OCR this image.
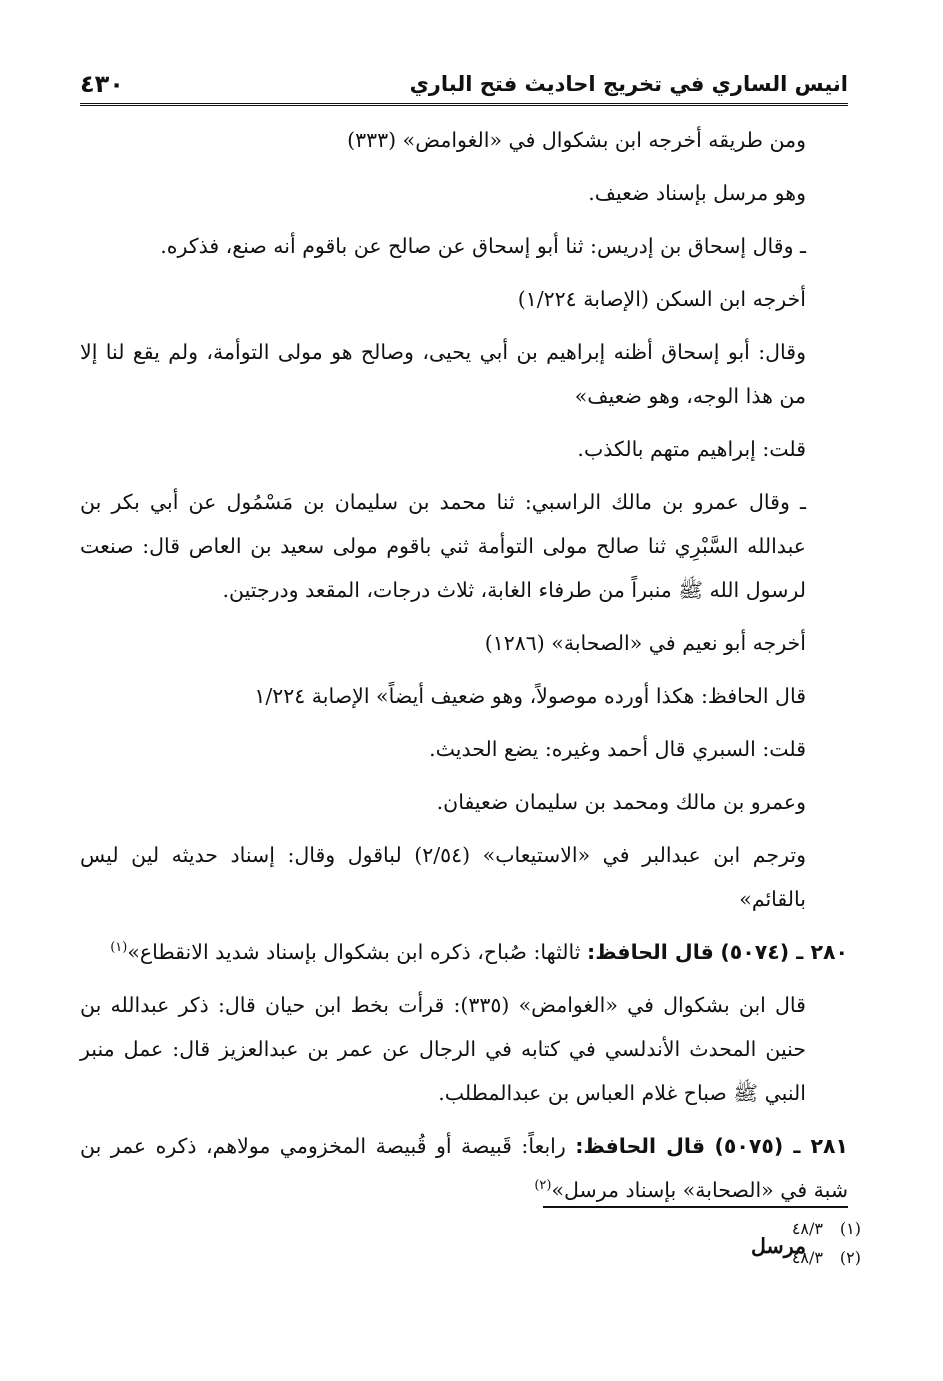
٤٣٠	انيس الساري في تخريج احاديث فتح الباري

ومن طريقه أخرجه ابن بشكوال في «الغوامض» (٣٣٣)

وهو مرسل بإسناد ضعيف.

ـ وقال إسحاق بن إدريس: ثنا أبو إسحاق عن صالح عن باقوم أنه صنع، فذكره.

أخرجه ابن السكن (الإصابة ١/٢٢٤)

وقال: أبو إسحاق أظنه إبراهيم بن أبي يحيى، وصالح هو مولى التوأمة، ولم يقع لنا إلا من هذا الوجه، وهو ضعيف»

قلت: إبراهيم متهم بالكذب.

ـ وقال عمرو بن مالك الراسبي: ثنا محمد بن سليمان بن مَسْمُول عن أبي بكر بن عبدالله السَّبْرِي ثنا صالح مولى التوأمة ثني باقوم مولى سعيد بن العاص قال: صنعت لرسول الله ﷺ منبراً من طرفاء الغابة، ثلاث درجات، المقعد ودرجتين.

أخرجه أبو نعيم في «الصحابة» (١٢٨٦)

قال الحافظ: هكذا أورده موصولاً، وهو ضعيف أيضاً» الإصابة ١/٢٢٤

قلت: السبري قال أحمد وغيره: يضع الحديث.

وعمرو بن مالك ومحمد بن سليمان ضعيفان.

وترجم ابن عبدالبر في «الاستيعاب» (٢/٥٤) لباقول وقال: إسناد حديثه لين ليس بالقائم»

٢٨٠ ـ (٥٠٧٤) قال الحافظ: ثالثها: صُباح، ذكره ابن بشكوال بإسناد شديد الانقطاع»$^{(١)}$

قال ابن بشكوال في «الغوامض» (٣٣٥): قرأت بخط ابن حيان قال: ذكر عبدالله بن حنين المحدث الأندلسي في كتابه في الرجال عن عمر بن عبدالعزيز قال: عمل منبر النبي ﷺ صباح غلام العباس بن عبدالمطلب.

٢٨١ ـ (٥٠٧٥) قال الحافظ: رابعاً: قَبيصة أو قُبيصة المخزومي مولاهم، ذكره عمر بن شبة في «الصحابة» بإسناد مرسل»$^{(٢)}$

مرسل

(١)٤٨/٣
(٢)٤٨/٣
